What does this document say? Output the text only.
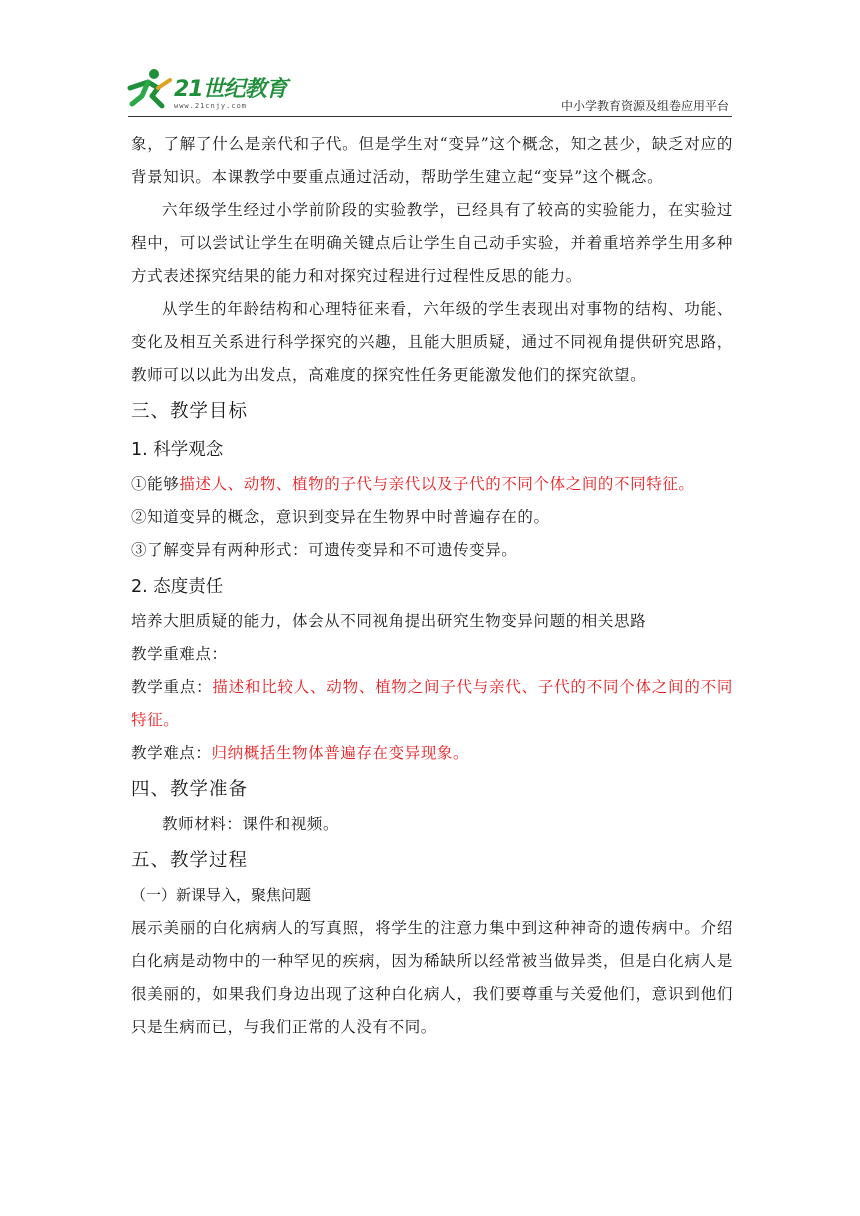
21世纪教育
www.21cnjy.com	中小学教育资源及组卷应用平台

象，了解了什么是亲代和子代。但是学生对“变异”这个概念，知之甚少，缺乏对应的背景知识。本课教学中要重点通过活动，帮助学生建立起“变异”这个概念。

六年级学生经过小学前阶段的实验教学，已经具有了较高的实验能力，在实验过程中，可以尝试让学生在明确关键点后让学生自己动手实验，并着重培养学生用多种方式表述探究结果的能力和对探究过程进行过程性反思的能力。

从学生的年龄结构和心理特征来看，六年级的学生表现出对事物的结构、功能、变化及相互关系进行科学探究的兴趣，且能大胆质疑，通过不同视角提供研究思路，教师可以以此为出发点，高难度的探究性任务更能激发他们的探究欲望。

三、教学目标
1. 科学观念

①能够描述人、动物、植物的子代与亲代以及子代的不同个体之间的不同特征。

②知道变异的概念，意识到变异在生物界中时普遍存在的。

③了解变异有两种形式：可遗传变异和不可遗传变异。

2. 态度责任

培养大胆质疑的能力，体会从不同视角提出研究生物变异问题的相关思路

教学重难点：

教学重点：描述和比较人、动物、植物之间子代与亲代、子代的不同个体之间的不同特征。

教学难点：归纳概括生物体普遍存在变异现象。

四、教学准备

教师材料：课件和视频。

五、教学过程

（一）新课导入，聚焦问题

展示美丽的白化病病人的写真照，将学生的注意力集中到这种神奇的遗传病中。介绍白化病是动物中的一种罕见的疾病，因为稀缺所以经常被当做异类，但是白化病人是很美丽的，如果我们身边出现了这种白化病人，我们要尊重与关爱他们，意识到他们只是生病而已，与我们正常的人没有不同。
